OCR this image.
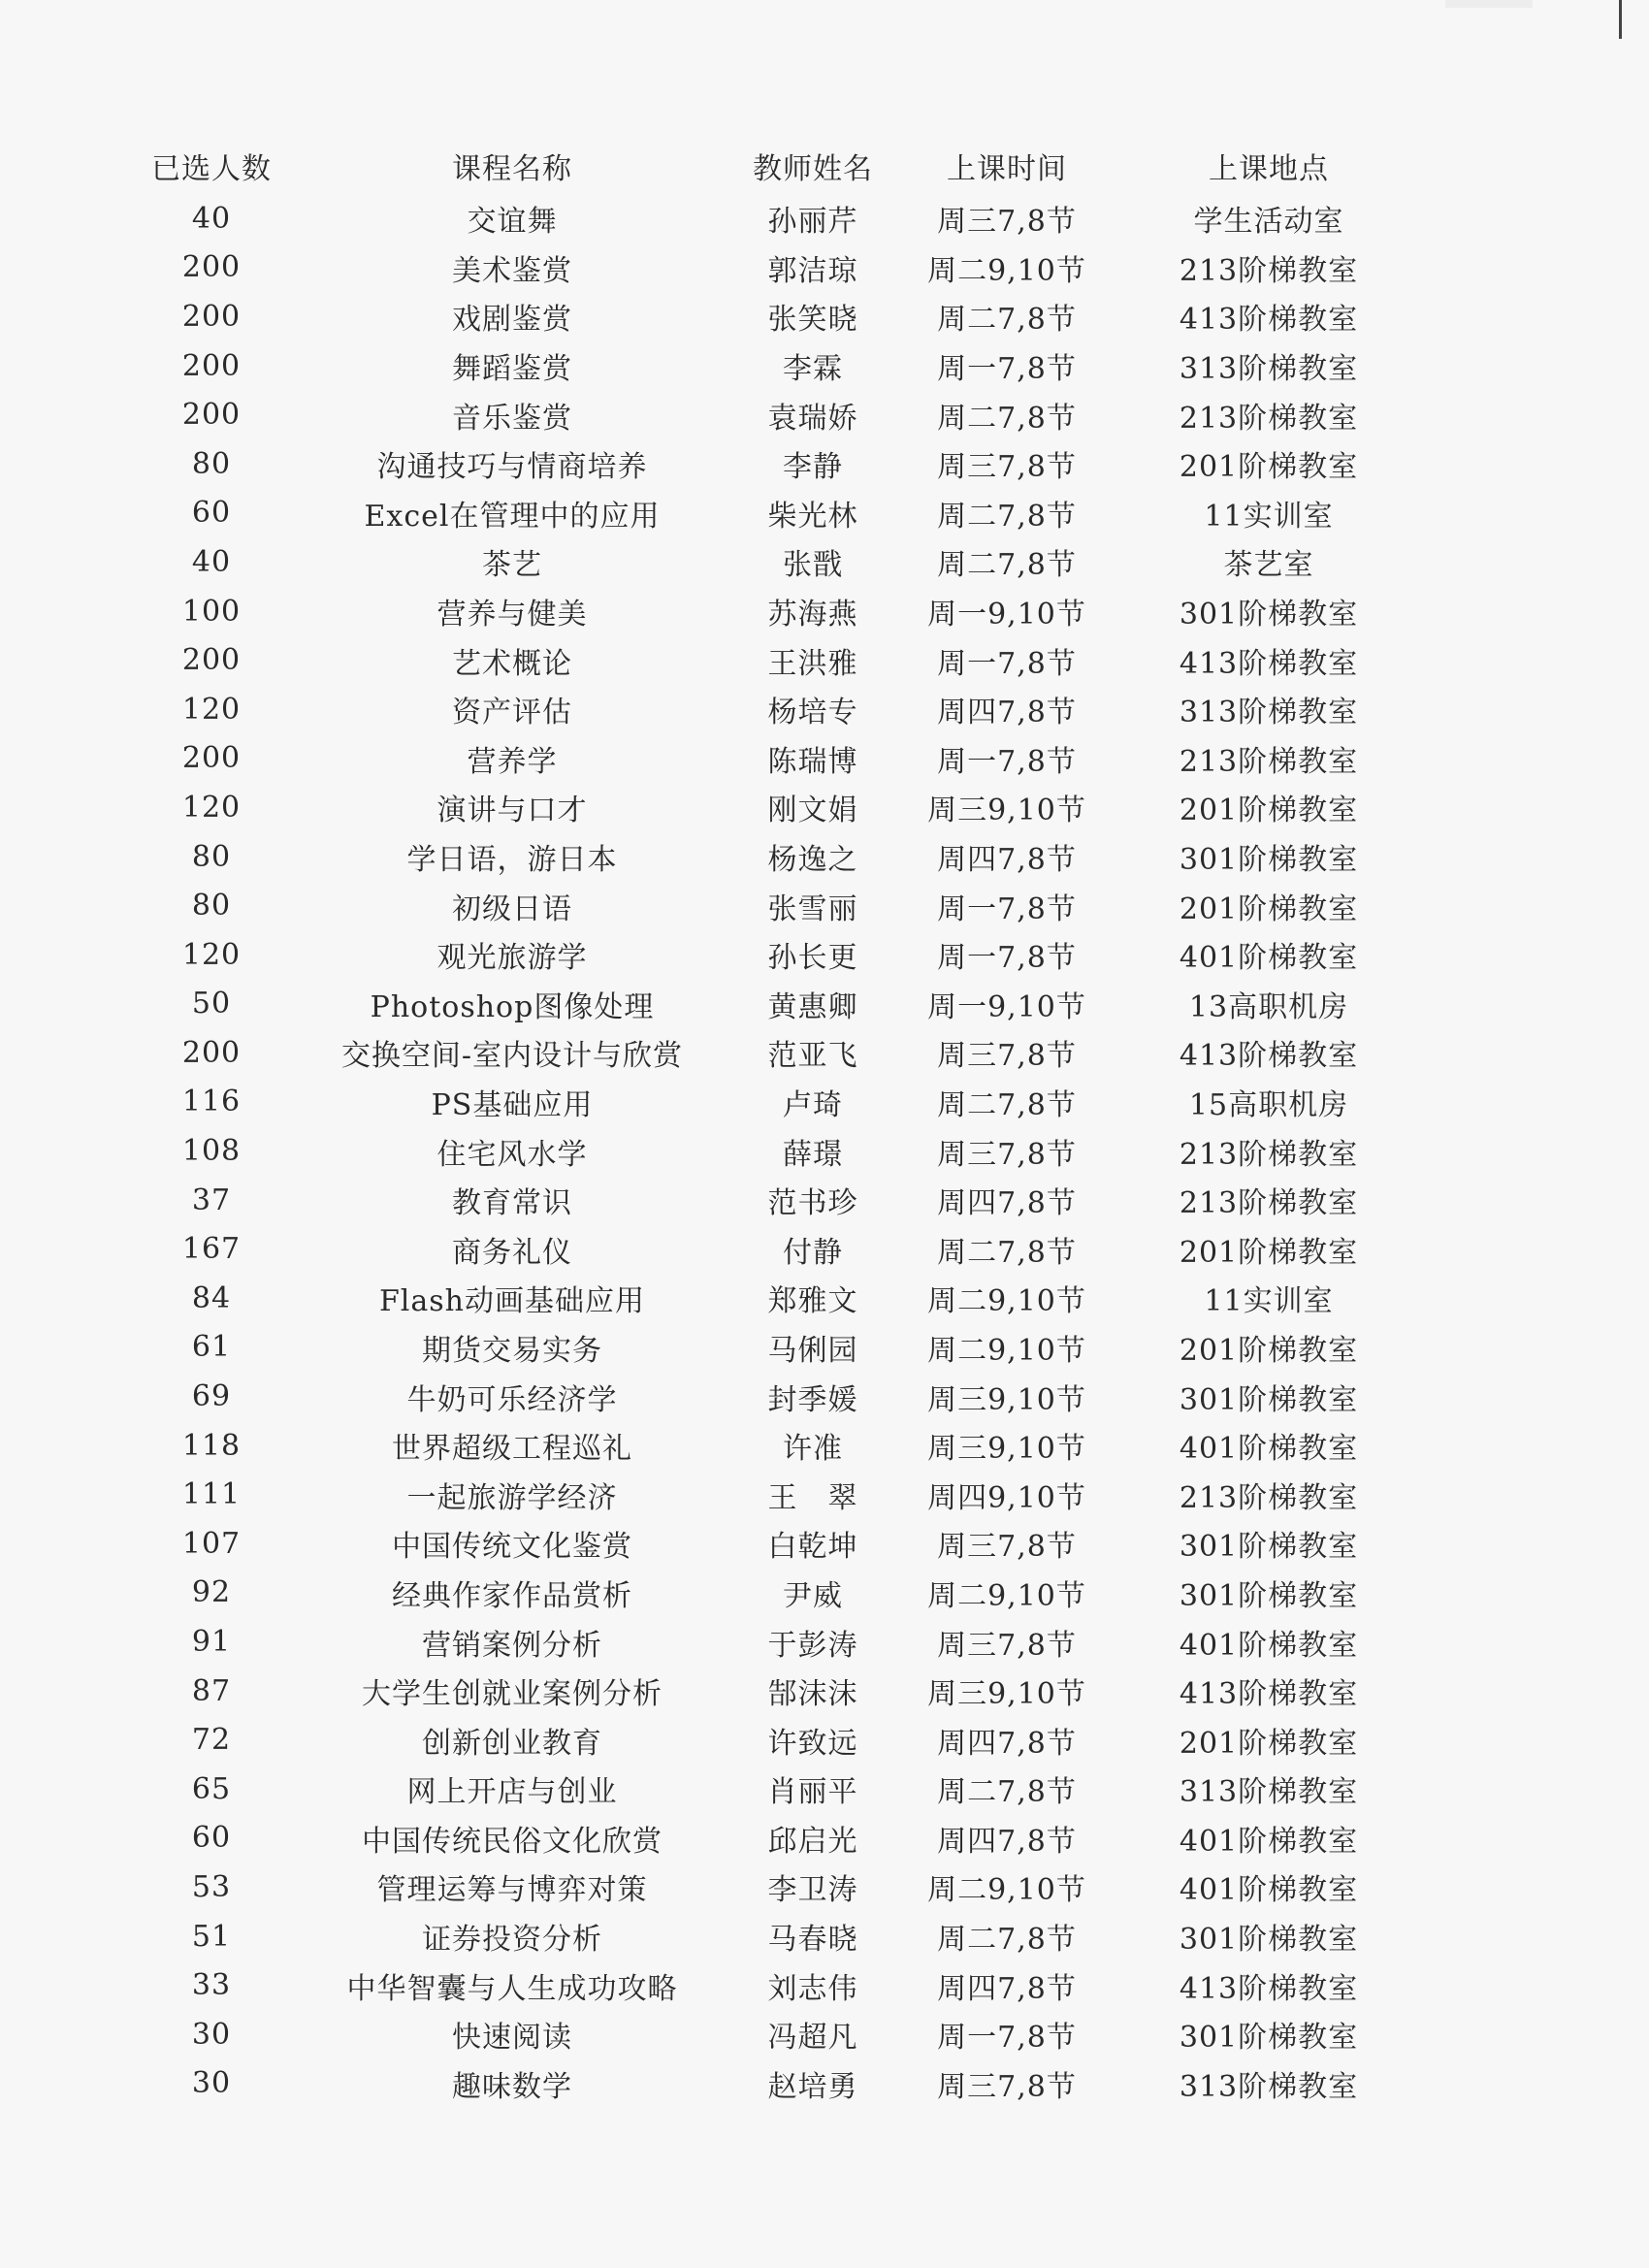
已选人数	课程名称	教师姓名	上课时间	上课地点
40	交谊舞	孙丽芹	周三7,8节	学生活动室
200	美术鉴赏	郭洁琼	周二9,10节	213阶梯教室
200	戏剧鉴赏	张笑晓	周二7,8节	413阶梯教室
200	舞蹈鉴赏	李霖	周一7,8节	313阶梯教室
200	音乐鉴赏	袁瑞娇	周二7,8节	213阶梯教室
80	沟通技巧与情商培养	李静	周三7,8节	201阶梯教室
60	Excel在管理中的应用	柴光林	周二7,8节	11实训室
40	茶艺	张戬	周二7,8节	茶艺室
100	营养与健美	苏海燕	周一9,10节	301阶梯教室
200	艺术概论	王洪雅	周一7,8节	413阶梯教室
120	资产评估	杨培专	周四7,8节	313阶梯教室
200	营养学	陈瑞博	周一7,8节	213阶梯教室
120	演讲与口才	刚文娟	周三9,10节	201阶梯教室
80	学日语，游日本	杨逸之	周四7,8节	301阶梯教室
80	初级日语	张雪丽	周一7,8节	201阶梯教室
120	观光旅游学	孙长更	周一7,8节	401阶梯教室
50	Photoshop图像处理	黄惠卿	周一9,10节	13高职机房
200	交换空间-室内设计与欣赏	范亚飞	周三7,8节	413阶梯教室
116	PS基础应用	卢琦	周二7,8节	15高职机房
108	住宅风水学	薛璟	周三7,8节	213阶梯教室
37	教育常识	范书珍	周四7,8节	213阶梯教室
167	商务礼仪	付静	周二7,8节	201阶梯教室
84	Flash动画基础应用	郑雅文	周二9,10节	11实训室
61	期货交易实务	马俐园	周二9,10节	201阶梯教室
69	牛奶可乐经济学	封季媛	周三9,10节	301阶梯教室
118	世界超级工程巡礼	许准	周三9,10节	401阶梯教室
111	一起旅游学经济	王　翠	周四9,10节	213阶梯教室
107	中国传统文化鉴赏	白乾坤	周三7,8节	301阶梯教室
92	经典作家作品赏析	尹威	周二9,10节	301阶梯教室
91	营销案例分析	于彭涛	周三7,8节	401阶梯教室
87	大学生创就业案例分析	郜沫沫	周三9,10节	413阶梯教室
72	创新创业教育	许致远	周四7,8节	201阶梯教室
65	网上开店与创业	肖丽平	周二7,8节	313阶梯教室
60	中国传统民俗文化欣赏	邱启光	周四7,8节	401阶梯教室
53	管理运筹与博弈对策	李卫涛	周二9,10节	401阶梯教室
51	证券投资分析	马春晓	周二7,8节	301阶梯教室
33	中华智囊与人生成功攻略	刘志伟	周四7,8节	413阶梯教室
30	快速阅读	冯超凡	周一7,8节	301阶梯教室
30	趣味数学	赵培勇	周三7,8节	313阶梯教室
